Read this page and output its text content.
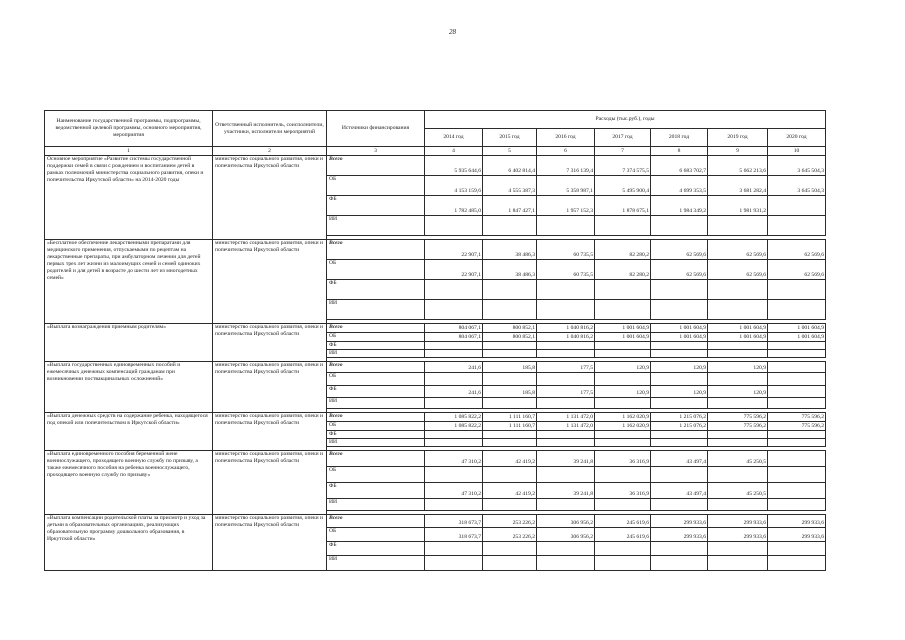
28
Наименование государственной программы, подпрограммы, ведомственной целевой программы, основного мероприятия, мероприятия	Ответственный исполнитель, соисполнители, участники, исполнители мероприятий	Источники финансирования	Расходы (тыс.руб.), годы						
			2014 год	2015 год	2016 год	2017 год	2018 год	2019 год	2020 год
1	2	3	4	5	6	7	8	9	10
Основное мероприятие «Развитие системы государственной поддержки семей в связи с рождением и воспитанием детей в рамках полномочий министерства социального развития, опеки и попечительства Иркутской области» на 2014-2020 годы	министерство социального развития, опеки и попечительства Иркутской области	Всего	5 935 644,6	6 402 814,4	7 316 139,4	7 374 575,5	6 683 702,7	5 662 213,6	3 645 504,3
		ОБ	4 153 159,6	4 555 387,3	5 358 987,1	5 495 900,4	4 699 353,5	3 681 282,4	3 645 504,3
		ФБ	1 782 485,0	1 847 427,1	1 957 152,3	1 878 675,1	1 984 349,2	1 981 931,2	
		ИИ							

«Бесплатное обеспечение лекарственными препаратами для медицинского применения, отпускаемыми по рецептам на лекарственные препараты, при амбулаторном лечении для детей первых трех лет жизни из малоимущих семей и семей одиноких родителей и для детей в возрасте до шести лет из многодетных семей»	министерство социального развития, опеки и попечительства Иркутской области	Всего	22 907,1	38 486,3	60 735,5	82 280,2	62 569,6	62 569,6	62 569,6
		ОБ	22 907,1	38 486,3	60 735,5	82 280,2	62 569,6	62 569,6	62 569,6
		ФБ							
		ИИ							

«Выплата вознаграждения приемным родителям»	министерство социального развития, опеки и попечительства Иркутской области	Всего	804 067,1	800 852,1	1 040 816,2	1 001 604,9	1 001 604,9	1 001 604,9	1 001 604,9
		ОБ	804 067,1	800 852,1	1 040 816,2	1 001 604,9	1 001 604,9	1 001 604,9	1 001 604,9
		ФБ							
		ИИ							

«Выплата государственных единовременных пособий и ежемесячных денежных компенсаций гражданам при возникновении поствакцинальных осложнений»	министерство социального развития, опеки и попечительства Иркутской области	Всего	241,6	185,8	177,5	120,9	120,9	120,9	
		ОБ							
		ФБ	241,6	185,8	177,5	120,9	120,9	120,9	
		ИИ							

«Выплата денежных средств на содержание ребенка, находящегося под опекой или попечительством в Иркутской области»	министерство социального развития, опеки и попечительства Иркутской области	Всего	1 085 822,2	1 111 160,7	1 131 472,0	1 162 020,9	1 215 076,2	775 596,2	775 596,2
		ОБ	1 085 822,2	1 111 160,7	1 131 472,0	1 162 020,9	1 215 076,2	775 596,2	775 596,2
		ФБ							
		ИИ							

«Выплата единовременного пособия беременной жене военнослужащего, проходящего военную службу по призыву, а также ежемесячного пособия на ребенка военнослужащего, проходящего военную службу по призыву»	министерство социального развития, опеки и попечительства Иркутской области	Всего	47 310,2	42 419,2	39 241,8	36 316,9	43 497,4	45 250,5	
		ОБ							
		ФБ	47 310,2	42 419,2	39 241,8	36 316,9	43 497,4	45 250,5	
		ИИ							

«Выплата компенсации родительской платы за присмотр и уход за детьми в образовательных организациях, реализующих образовательную программу дошкольного образования, в Иркутской области»	министерство социального развития, опеки и попечительства Иркутской области	Всего	318 673,7	253 226,2	306 956,2	245 619,6	299 933,6	299 933,6	299 933,6
		ОБ	318 673,7	253 226,2	306 956,2	245 619,6	299 933,6	299 933,6	299 933,6
		ФБ							
		ИИ							
